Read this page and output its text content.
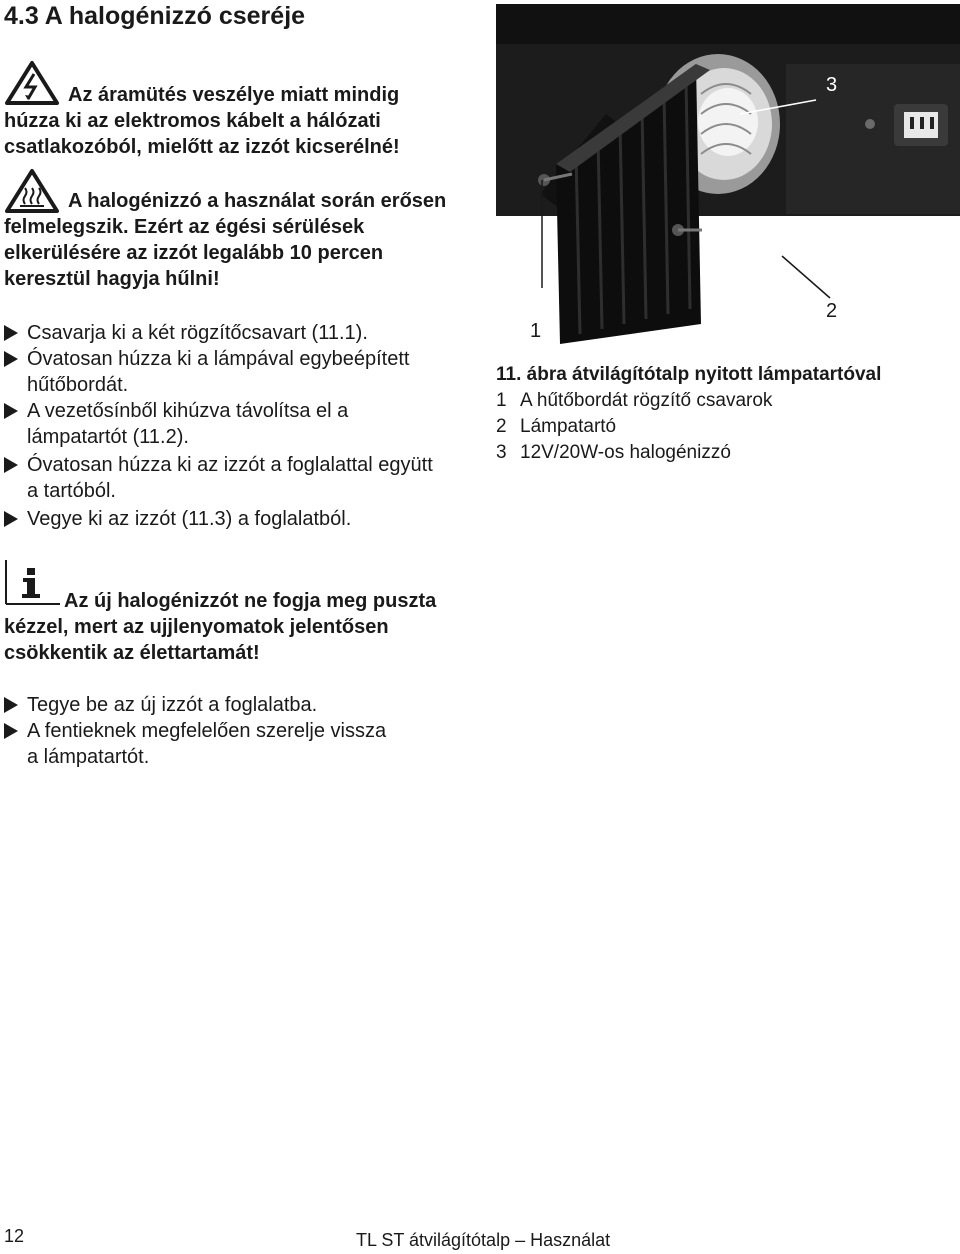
4.3 A halogénizzó cseréje
Az áramütés veszélye miatt mindig
húzza ki az elektromos kábelt a hálózati
csatlakozóból, mielőtt az izzót kicserélné!
A halogénizzó a használat során erősen
felmelegszik. Ezért az égési sérülések
elkerülésére az izzót legalább 10 percen
keresztül hagyja hűlni!
Csavarja ki a két rögzítőcsavart (11.1).
Óvatosan húzza ki a lámpával egybeépített
hűtőbordát.
A vezetősínből kihúzva távolítsa el a
lámpatartót (11.2).
Óvatosan húzza ki az izzót a foglalattal együtt
a tartóból.
Vegye ki az izzót (11.3) a foglalatból.
Az új halogénizzót ne fogja meg puszta
kézzel, mert az ujjlenyomatok jelentősen
csökkentik az élettartamát!
Tegye be az új izzót a foglalatba.
A fentieknek megfelelően szerelje vissza
a lámpatartót.
3
1
2
11. ábra átvilágítótalp nyitott lámpatartóval
1 A hűtőbordát rögzítő csavarok
2 Lámpatartó
3 12V/20W-os halogénizzó
12	TL ST átvilágítótalp – Használat
